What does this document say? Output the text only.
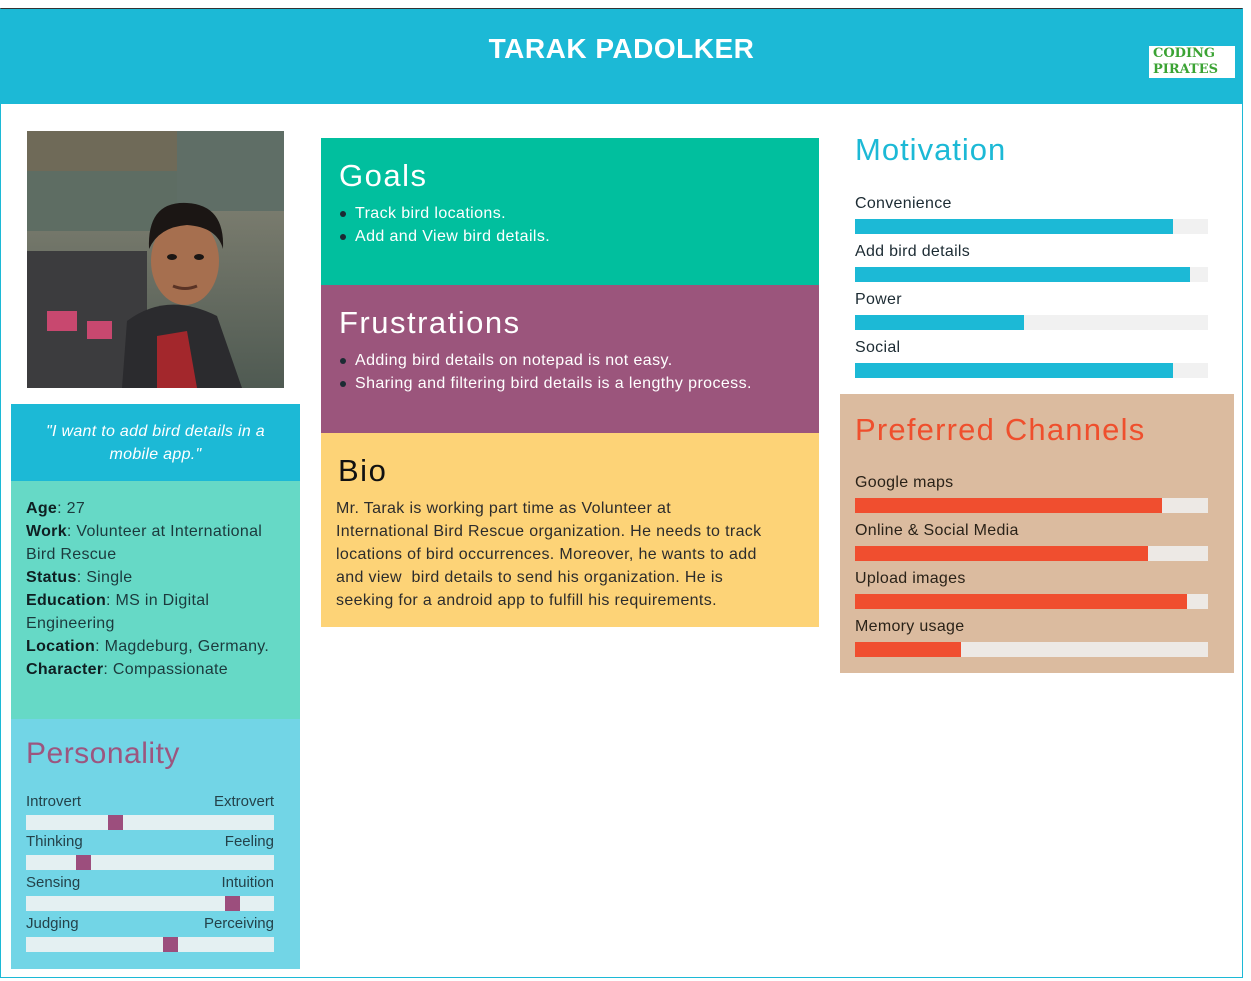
TARAK PADOLKER	CODING
PIRATES
"I want to add bird details in a mobile app."
Age: 27
Work: Volunteer at International Bird Rescue
Status: Single
Education: MS in Digital Engineering
Location: Magdeburg, Germany.
Character: Compassionate
Personality
Introvert	Extrovert
Thinking	Feeling
Sensing	Intuition
Judging	Perceiving
Goals
Track bird locations.
Add and View bird details.
Frustrations
Adding bird details on notepad is not easy.
Sharing and filtering bird details is a lengthy process.
Bio
Mr. Tarak is working part time as Volunteer at
International Bird Rescue organization. He needs to track
locations of bird occurrences. Moreover, he wants to add
and view  bird details to send his organization. He is
seeking for a android app to fulfill his requirements.
Motivation
Convenience
Add bird details
Power
Social
Preferred Channels
Google maps
Online & Social Media
Upload images
Memory usage
